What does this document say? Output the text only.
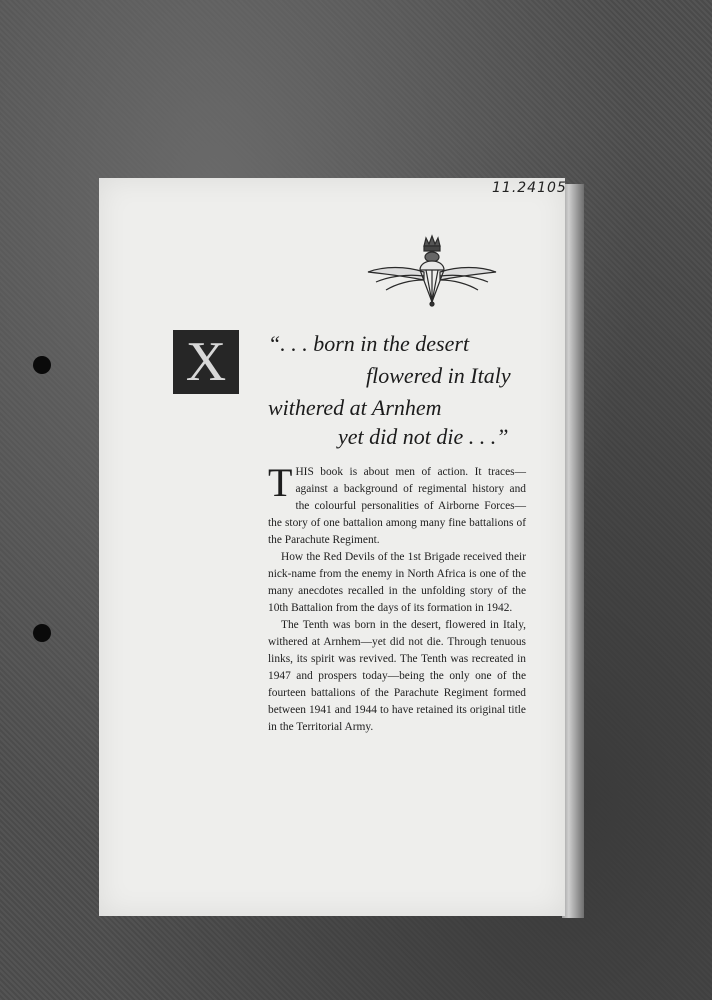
11.24105
X “. . . born in the desert
flowered in Italy
withered at Arnhem
yet did not die . . .”

THIS book is about men of action. It traces—against a background of regimental history and the colourful personalities of Airborne Forces—the story of one battalion among many fine battalions of the Parachute Regiment.

How the Red Devils of the 1st Brigade received their nick-name from the enemy in North Africa is one of the many anecdotes recalled in the unfolding story of the 10th Battalion from the days of its formation in 1942.

The Tenth was born in the desert, flowered in Italy, withered at Arnhem—yet did not die. Through tenuous links, its spirit was revived. The Tenth was recreated in 1947 and prospers today—being the only one of the fourteen battalions of the Parachute Regiment formed between 1941 and 1944 to have retained its original title in the Territorial Army.
